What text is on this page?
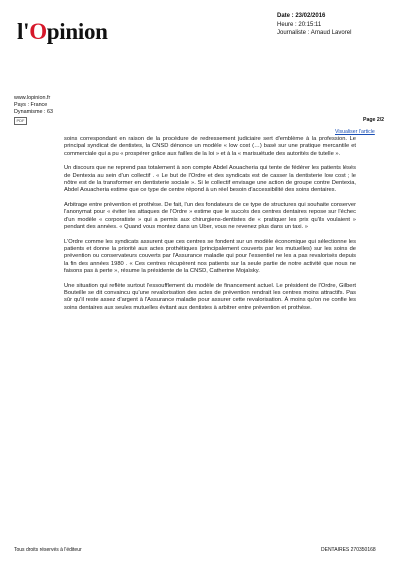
l'Opinion
Date : 23/02/2016
Heure : 20:15:11
Journaliste : Arnaud Lavorel
www.lopinion.fr
Pays : France
Dynamisme : 63
PDF	Page 2/2
Visualiser l'article

soins correspondant en raison de la procédure de redressement judiciaire sert d'emblème à la profession. Le principal syndicat de dentistes, la CNSD dénonce un modèle « low cost (…) basé sur une pratique mercantile et commerciale qui a pu « prospérer grâce aux failles de la loi » et à la « marisuétude des autorités de tutelle ».

Un discours que ne reprend pas totalement à son compte Abdel Aouacheria qui tente de fédérer les patients lésés de Dentexia au sein d'un collectif . « Le but de l'Ordre et des syndicats est de casser la dentisterie low cost ; le nôtre est de la transformer en dentisterie sociale ». Si le collectif envisage une action de groupe contre Dentexia, Abdel Aouacheria estime que ce type de centre répond à un réel besoin d'accessibilité des soins dentaires.

Arbitrage entre prévention et prothèse. De fait, l'un des fondateurs de ce type de structures qui souhaite conserver l'anonymat pour « éviter les attaques de l'Ordre » estime que le succès des centres dentaires repose sur l'échec d'un modèle « corporatiste » qui a permis aux chirurgiens-dentistes de « pratiquer les prix qu'ils voulaient » pendant des années. « Quand vous montez dans un Uber, vous ne revenez plus dans un taxi. »

L'Ordre comme les syndicats assurent que ces centres se fondent sur un modèle économique qui sélectionne les patients et donne la priorité aux actes prothétiques (principalement couverts par les mutuelles) sur les soins de prévention ou conservateurs couverts par l'Assurance maladie qui pour l'essentiel ne les a pas revalorisés depuis la fin des années 1980 . « Ces centres récupèrent nos patients sur la seule partie de notre activité que nous ne faisons pas à perte », résume la présidente de la CNSD, Catherine Mojaïsky.

Une situation qui reflète surtout l'essoufflement du modèle de financement actuel. Le président de l'Ordre, Gilbert Bouteille se dit convaincu qu'une revalorisation des actes de prévention rendrait les centres moins attractifs. Pas sûr qu'il reste assez d'argent à l'Assurance maladie pour assurer cette revalorisation. À moins qu'on ne confie les soins dentaires aux seules mutuelles évitant aux dentistes à arbitrer entre prévention et prothèse.

Tous droits réservés à l'éditeur	DENTAIRES 270350168
